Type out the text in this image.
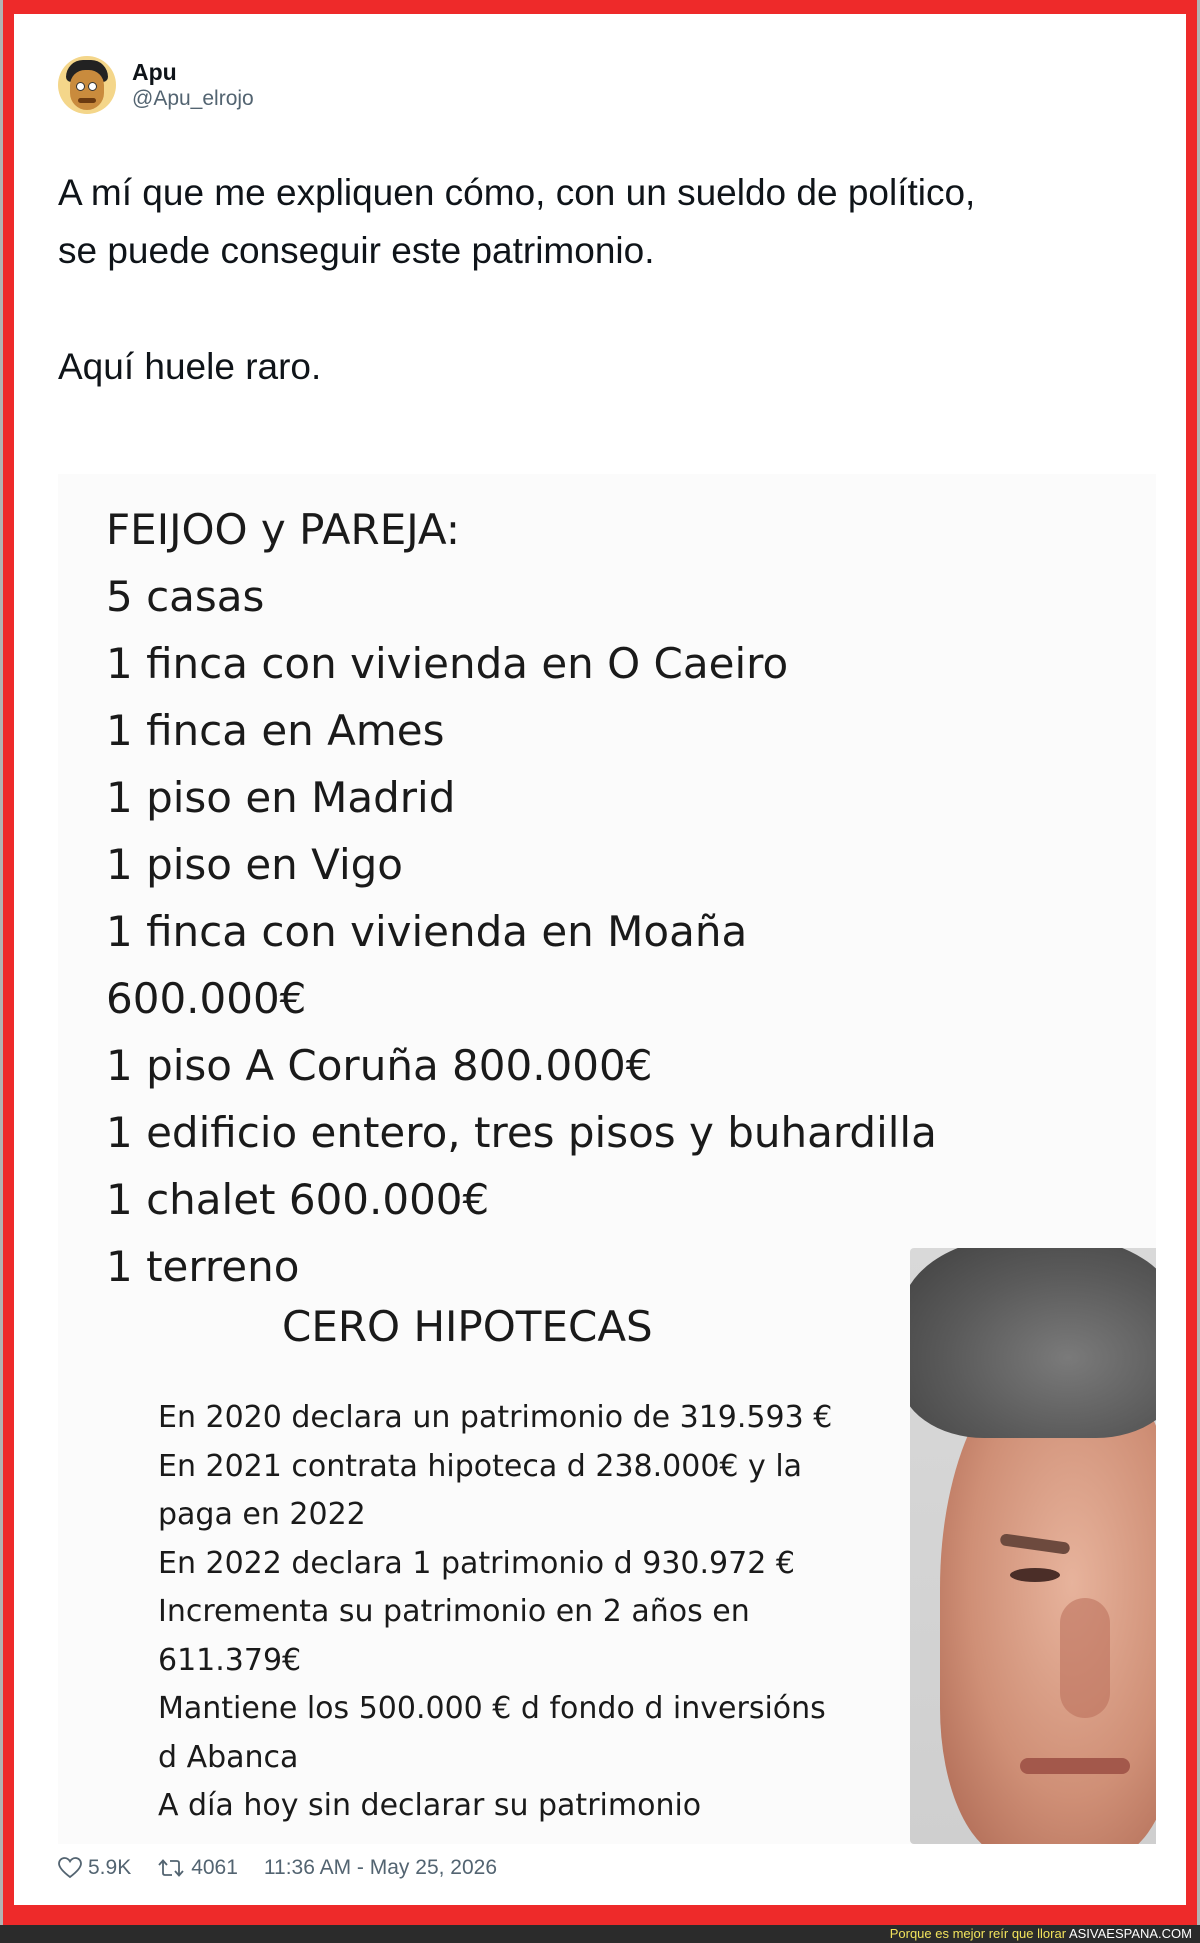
Apu
@Apu_elrojo

A mí que me expliquen cómo, con un sueldo de político,

se puede conseguir este patrimonio.

Aquí huele raro.

FEIJOO y PAREJA:
5 casas
1 finca con vivienda en O Caeiro
1 finca en Ames
1 piso en Madrid
1 piso en Vigo
1 finca con vivienda en Moaña
600.000€
1 piso A Coruña 800.000€
1 edificio entero, tres pisos y buhardilla
1 chalet 600.000€
1 terreno
CERO HIPOTECAS
En 2020 declara un patrimonio de 319.593 €
En 2021 contrata hipoteca d 238.000€ y la
paga en 2022
En 2022 declara 1 patrimonio d 930.972 €
Incrementa su patrimonio en 2 años en
611.379€
Mantiene los 500.000 € d fondo d inversións
d Abanca
A día hoy sin declarar su patrimonio
5.9K	4061 11:36 AM - May 25, 2026
Porque es mejor reír que llorar ASIVAESPANA.COM
